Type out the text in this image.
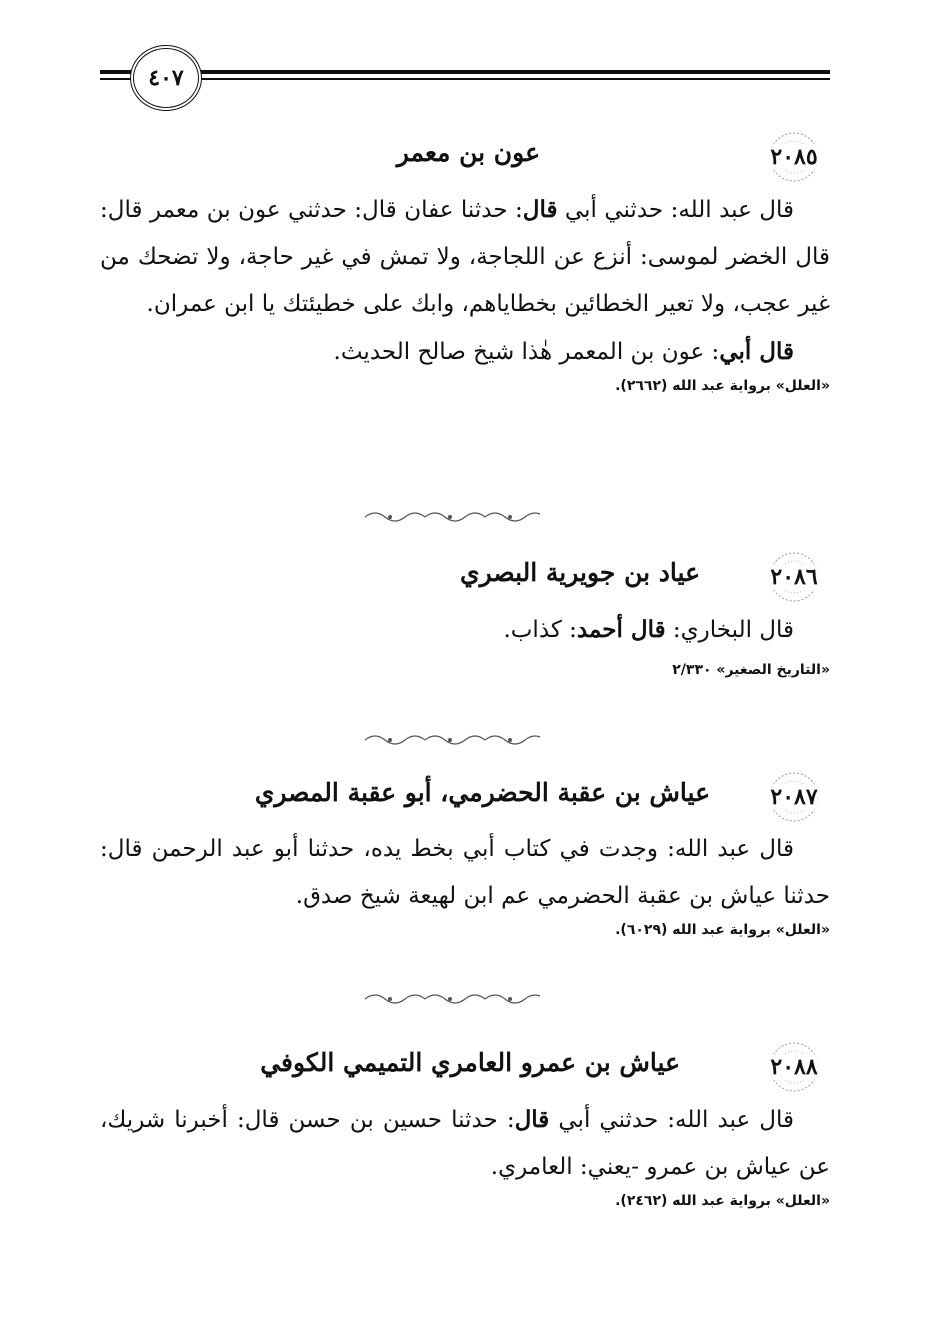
٤٠٧
٢٠٨٥
عون بن معمر

قال عبد الله: حدثني أبي قال: حدثنا عفان قال: حدثني عون بن معمر قال: قال الخضر لموسى: أنزع عن اللجاجة، ولا تمش في غير حاجة، ولا تضحك من غير عجب، ولا تعير الخطائين بخطاياهم، وابك على خطيئتك يا ابن عمران.

قال أبي: عون بن المعمر هٰذا شيخ صالح الحديث.

«العلل» برواية عبد الله (٢٦٦٢).
٢٠٨٦
عياد بن جويرية البصري

قال البخاري: قال أحمد: كذاب.

«التاريخ الصغير» ٢/٣٣٠
٢٠٨٧
عياش بن عقبة الحضرمي، أبو عقبة المصري

قال عبد الله: وجدت في كتاب أبي بخط يده، حدثنا أبو عبد الرحمن قال: حدثنا عياش بن عقبة الحضرمي عم ابن لهيعة شيخ صدق.

«العلل» برواية عبد الله (٦٠٢٩).
٢٠٨٨
عياش بن عمرو العامري التميمي الكوفي

قال عبد الله: حدثني أبي قال: حدثنا حسين بن حسن قال: أخبرنا شريك، عن عياش بن عمرو -يعني: العامري.

«العلل» برواية عبد الله (٢٤٦٢).
